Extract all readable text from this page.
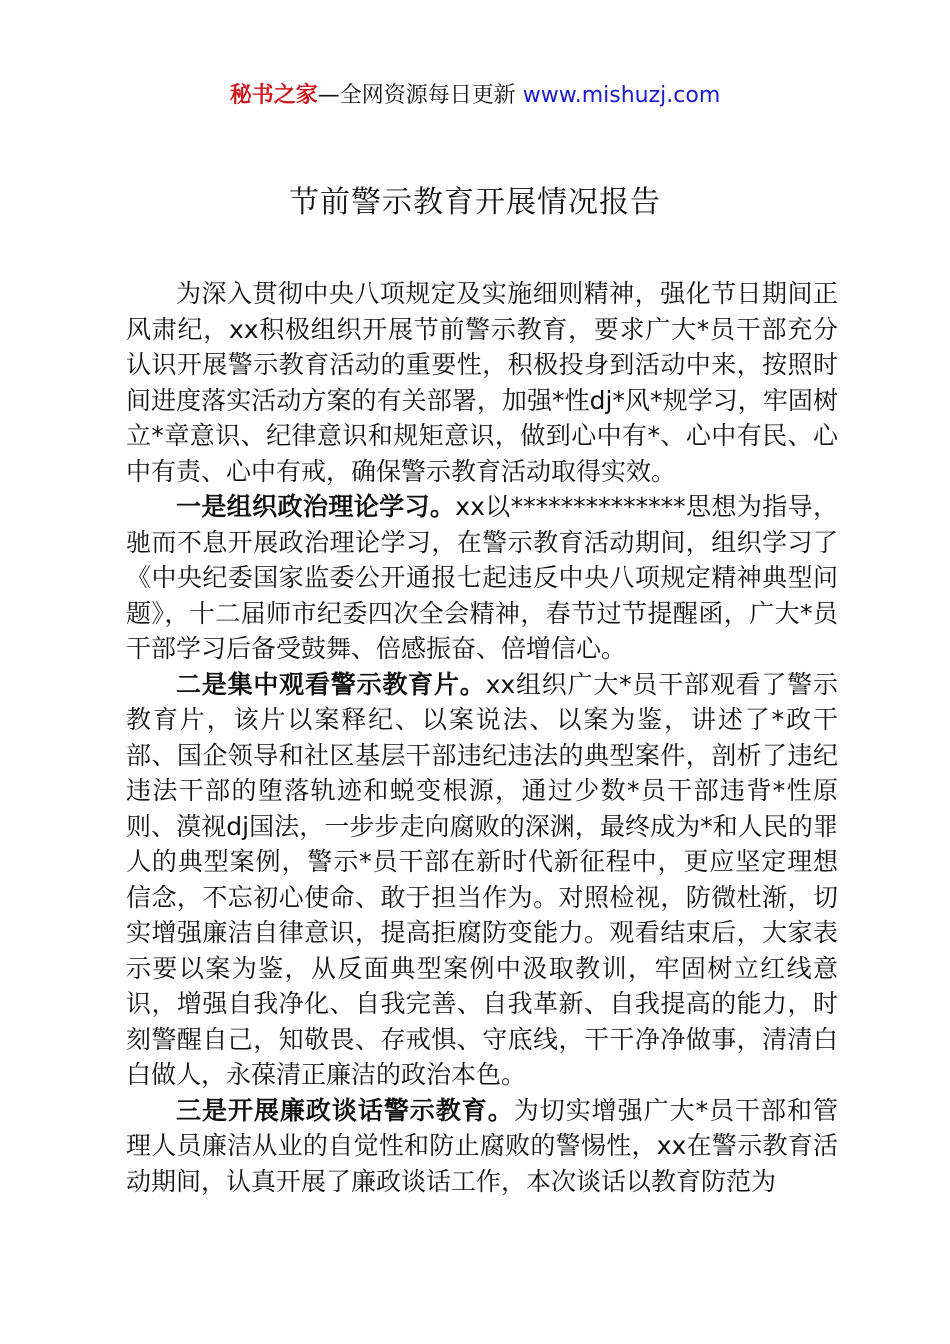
秘书之家—全网资源每日更新 www.mishuzj.com
节前警示教育开展情况报告

为深入贯彻中央八项规定及实施细则精神，强化节日期间正风肃纪，xx积极组织开展节前警示教育，要求广大*员干部充分认识开展警示教育活动的重要性，积极投身到活动中来，按照时间进度落实活动方案的有关部署，加强*性dj*风*规学习，牢固树立*章意识、纪律意识和规矩意识，做到心中有*、心中有民、心中有责、心中有戒，确保警示教育活动取得实效。

一是组织政治理论学习。xx以**************思想为指导，驰而不息开展政治理论学习，在警示教育活动期间，组织学习了《中央纪委国家监委公开通报七起违反中央八项规定精神典型问题》，十二届师市纪委四次全会精神，春节过节提醒函，广大*员干部学习后备受鼓舞、倍感振奋、倍增信心。

二是集中观看警示教育片。xx组织广大*员干部观看了警示教育片，该片以案释纪、以案说法、以案为鉴，讲述了*政干部、国企领导和社区基层干部违纪违法的典型案件，剖析了违纪违法干部的堕落轨迹和蜕变根源，通过少数*员干部违背*性原则、漠视dj国法，一步步走向腐败的深渊，最终成为*和人民的罪人的典型案例，警示*员干部在新时代新征程中，更应坚定理想信念，不忘初心使命、敢于担当作为。对照检视，防微杜渐，切实增强廉洁自律意识，提高拒腐防变能力。观看结束后，大家表示要以案为鉴，从反面典型案例中汲取教训，牢固树立红线意识，增强自我净化、自我完善、自我革新、自我提高的能力，时刻警醒自己，知敬畏、存戒惧、守底线，干干净净做事，清清白白做人，永葆清正廉洁的政治本色。

三是开展廉政谈话警示教育。为切实增强广大*员干部和管理人员廉洁从业的自觉性和防止腐败的警惕性，xx在警示教育活动期间，认真开展了廉政谈话工作，本次谈话以教育防范为
